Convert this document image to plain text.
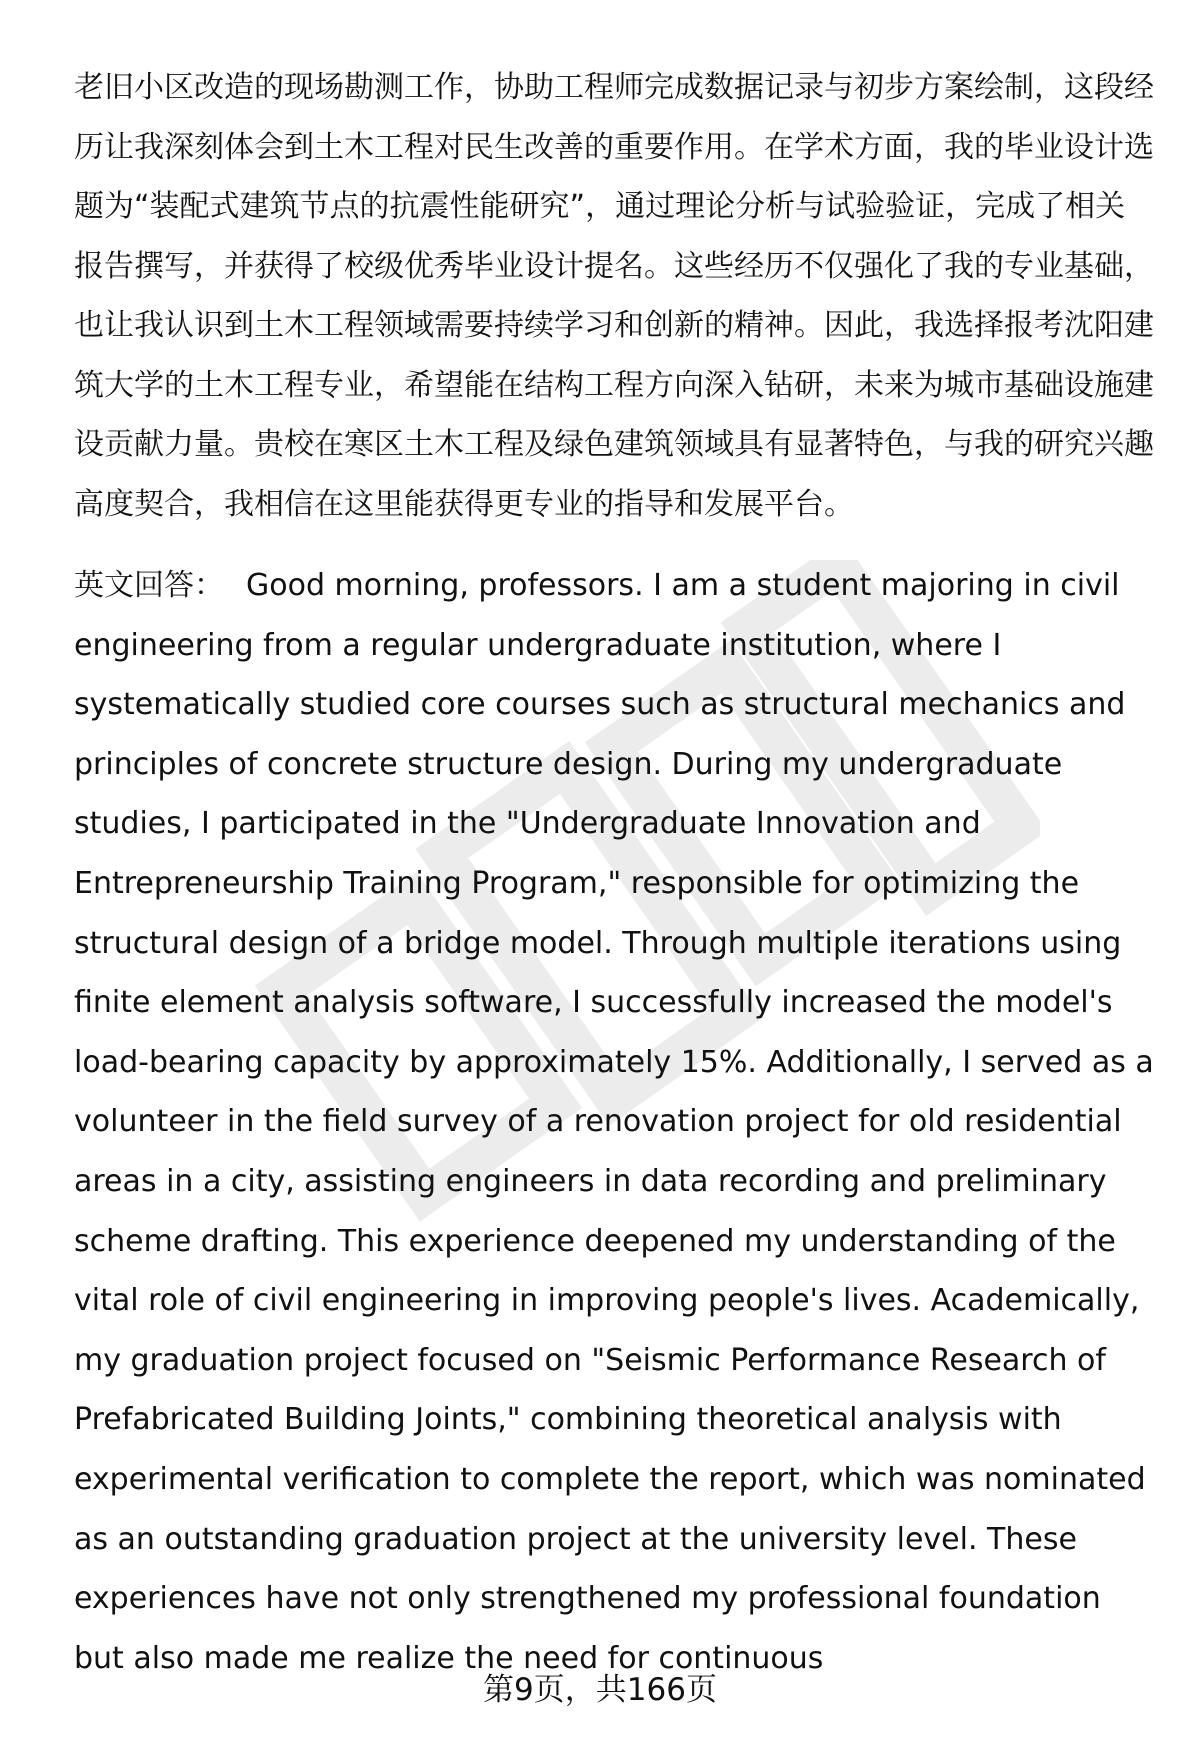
老旧小区改造的现场勘测工作，协助工程师完成数据记录与初步方案绘制，这段经历让我深刻体会到土木工程对民生改善的重要作用。在学术方面，我的毕业设计选题为“装配式建筑节点的抗震性能研究”，通过理论分析与试验验证，完成了相关报告撰写，并获得了校级优秀毕业设计提名。这些经历不仅强化了我的专业基础，也让我认识到土木工程领域需要持续学习和创新的精神。因此，我选择报考沈阳建筑大学的土木工程专业，希望能在结构工程方向深入钻研，未来为城市基础设施建设贡献力量。贵校在寒区土木工程及绿色建筑领域具有显著特色，与我的研究兴趣高度契合，我相信在这里能获得更专业的指导和发展平台。

英文回答： Good morning, professors. I am a student majoring in civil engineering from a regular undergraduate institution, where I systematically studied core courses such as structural mechanics and principles of concrete structure design. During my undergraduate studies, I participated in the "Undergraduate Innovation and Entrepreneurship Training Program," responsible for optimizing the structural design of a bridge model. Through multiple iterations using finite element analysis software, I successfully increased the model's load-bearing capacity by approximately 15%. Additionally, I served as a volunteer in the field survey of a renovation project for old residential areas in a city, assisting engineers in data recording and preliminary scheme drafting. This experience deepened my understanding of the vital role of civil engineering in improving people's lives. Academically, my graduation project focused on "Seismic Performance Research of Prefabricated Building Joints," combining theoretical analysis with experimental verification to complete the report, which was nominated as an outstanding graduation project at the university level. These experiences have not only strengthened my professional foundation but also made me realize the need for continuous

第9页，共166页
